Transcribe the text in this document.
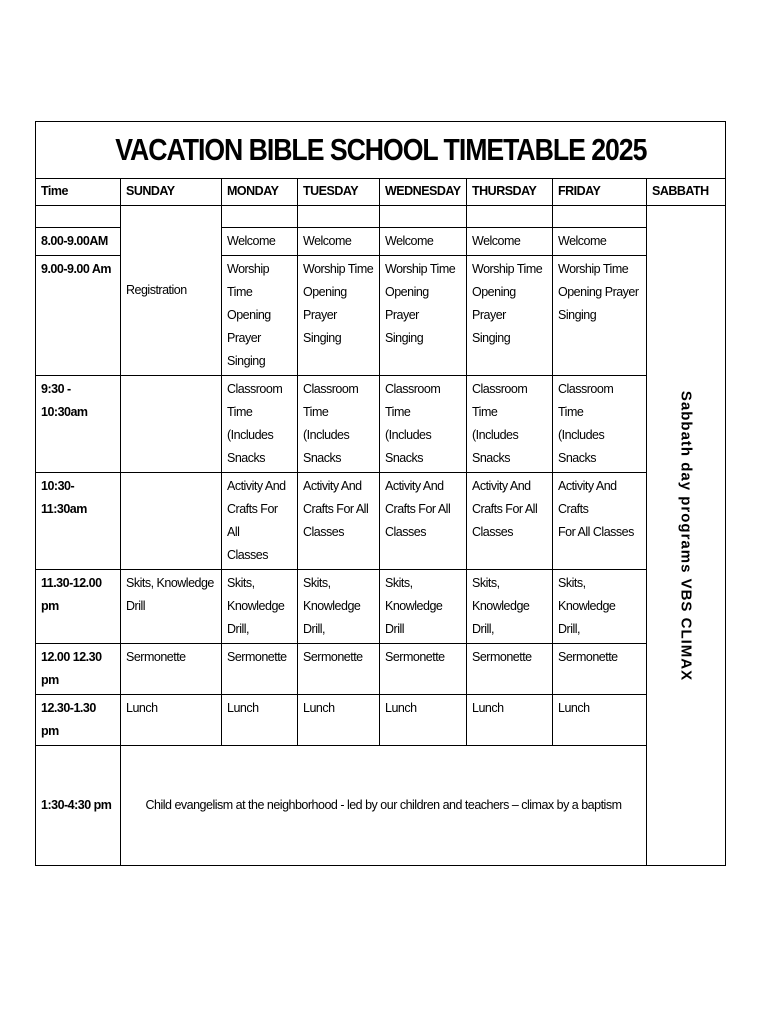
VACATION BIBLE SCHOOL TIMETABLE 2025								
Time	SUNDAY	MONDAY	TUESDAY	WEDNESDAY	THURSDAY	FRIDAY	SABBATH	
	Registration						Sabbath day programs VBS CLIMAX	

8.00-9.00AM		Welcome	Welcome	Welcome	Welcome	Welcome		
9.00-9.00 Am		Worship Time
Opening
Prayer
Singing	Worship Time
Opening Prayer
Singing	Worship Time
Opening Prayer
Singing	Worship Time
Opening Prayer
Singing	Worship Time
Opening Prayer
Singing		

9:30 - 10:30am		Classroom
Time
(Includes
Snacks	Classroom
Time (Includes
Snacks	Classroom Time
(Includes
Snacks	Classroom Time
(Includes
Snacks	Classroom Time
(Includes Snacks		

10:30-11:30am		Activity And
Crafts For All
Classes	Activity And
Crafts For All
Classes	Activity And
Crafts For All
Classes	Activity And
Crafts For All
Classes	Activity And Crafts
For All Classes		

11.30-12.00 pm	Skits, Knowledge
Drill	Skits,
Knowledge
Drill,	Skits,
Knowledge Drill,	Skits, Knowledge
Drill	Skits, Knowledge
Drill,	Skits, Knowledge
Drill,		

12.00 12.30 pm	Sermonette	Sermonette	Sermonette	Sermonette	Sermonette	Sermonette		
12.30-1.30 pm	Lunch	Lunch	Lunch	Lunch	Lunch	Lunch		
1:30-4:30 pm	Child evangelism at the neighborhood - led by our children and teachers – climax by a baptism							
